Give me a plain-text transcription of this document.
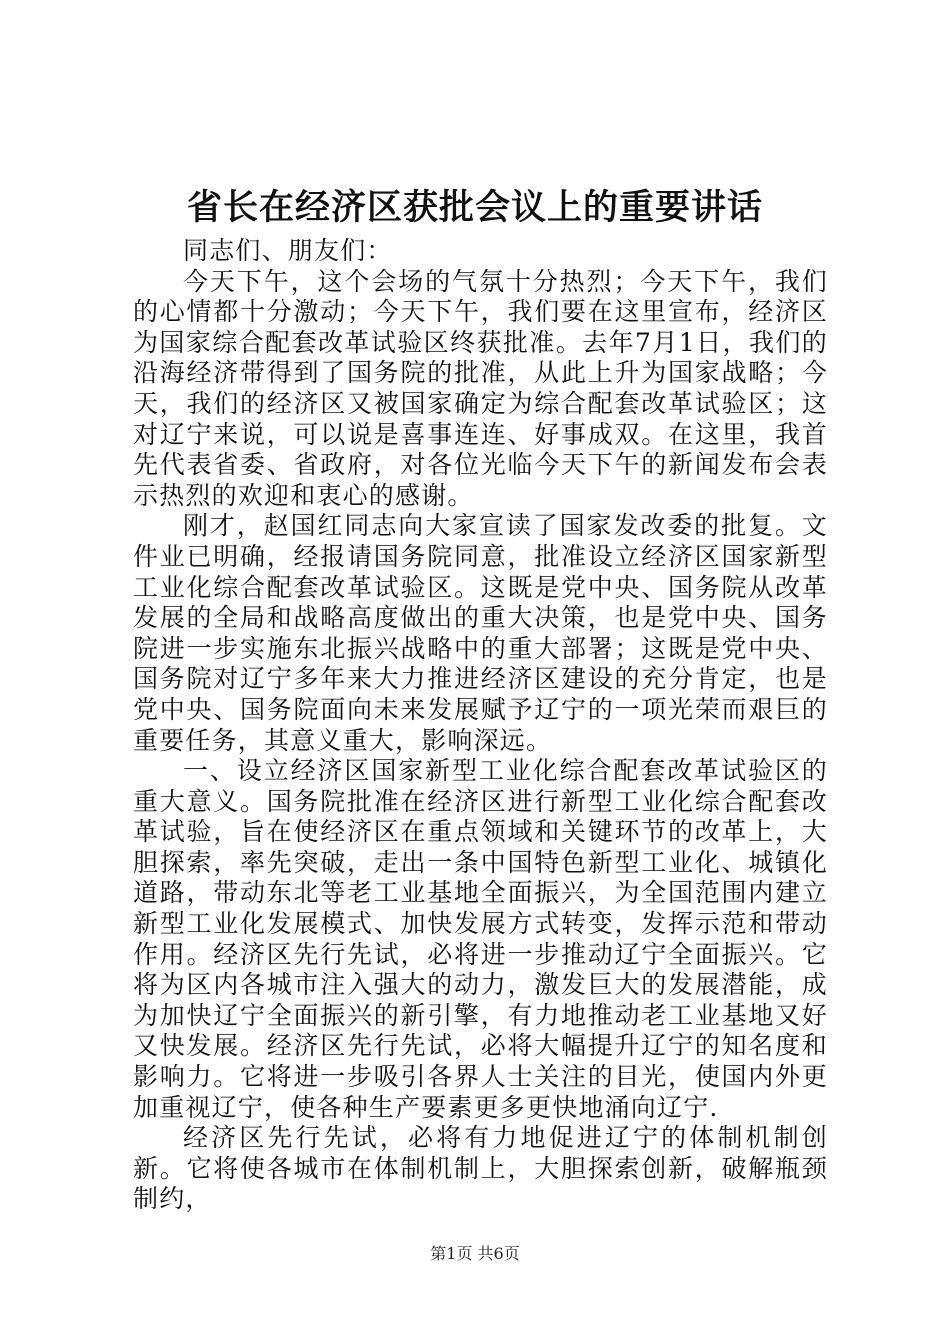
省长在经济区获批会议上的重要讲话

同志们、朋友们：

今天下午，这个会场的气氛十分热烈；今天下午，我们的心情都十分激动；今天下午，我们要在这里宣布，经济区为国家综合配套改革试验区终获批准。去年7月1日，我们的沿海经济带得到了国务院的批准，从此上升为国家战略；今天，我们的经济区又被国家确定为综合配套改革试验区；这对辽宁来说，可以说是喜事连连、好事成双。在这里，我首先代表省委、省政府，对各位光临今天下午的新闻发布会表示热烈的欢迎和衷心的感谢。

刚才，赵国红同志向大家宣读了国家发改委的批复。文件业已明确，经报请国务院同意，批准设立经济区国家新型工业化综合配套改革试验区。这既是党中央、国务院从改革发展的全局和战略高度做出的重大决策，也是党中央、国务院进一步实施东北振兴战略中的重大部署；这既是党中央、国务院对辽宁多年来大力推进经济区建设的充分肯定，也是党中央、国务院面向未来发展赋予辽宁的一项光荣而艰巨的重要任务，其意义重大，影响深远。

一、设立经济区国家新型工业化综合配套改革试验区的重大意义。国务院批准在经济区进行新型工业化综合配套改革试验，旨在使经济区在重点领域和关键环节的改革上，大胆探索，率先突破，走出一条中国特色新型工业化、城镇化道路，带动东北等老工业基地全面振兴，为全国范围内建立新型工业化发展模式、加快发展方式转变，发挥示范和带动作用。经济区先行先试，必将进一步推动辽宁全面振兴。它将为区内各城市注入强大的动力，激发巨大的发展潜能，成为加快辽宁全面振兴的新引擎，有力地推动老工业基地又好又快发展。经济区先行先试，必将大幅提升辽宁的知名度和影响力。它将进一步吸引各界人士关注的目光，使国内外更加重视辽宁，使各种生产要素更多更快地涌向辽宁.

经济区先行先试，必将有力地促进辽宁的体制机制创新。它将使各城市在体制机制上，大胆探索创新，破解瓶颈制约，

第1页 共6页
